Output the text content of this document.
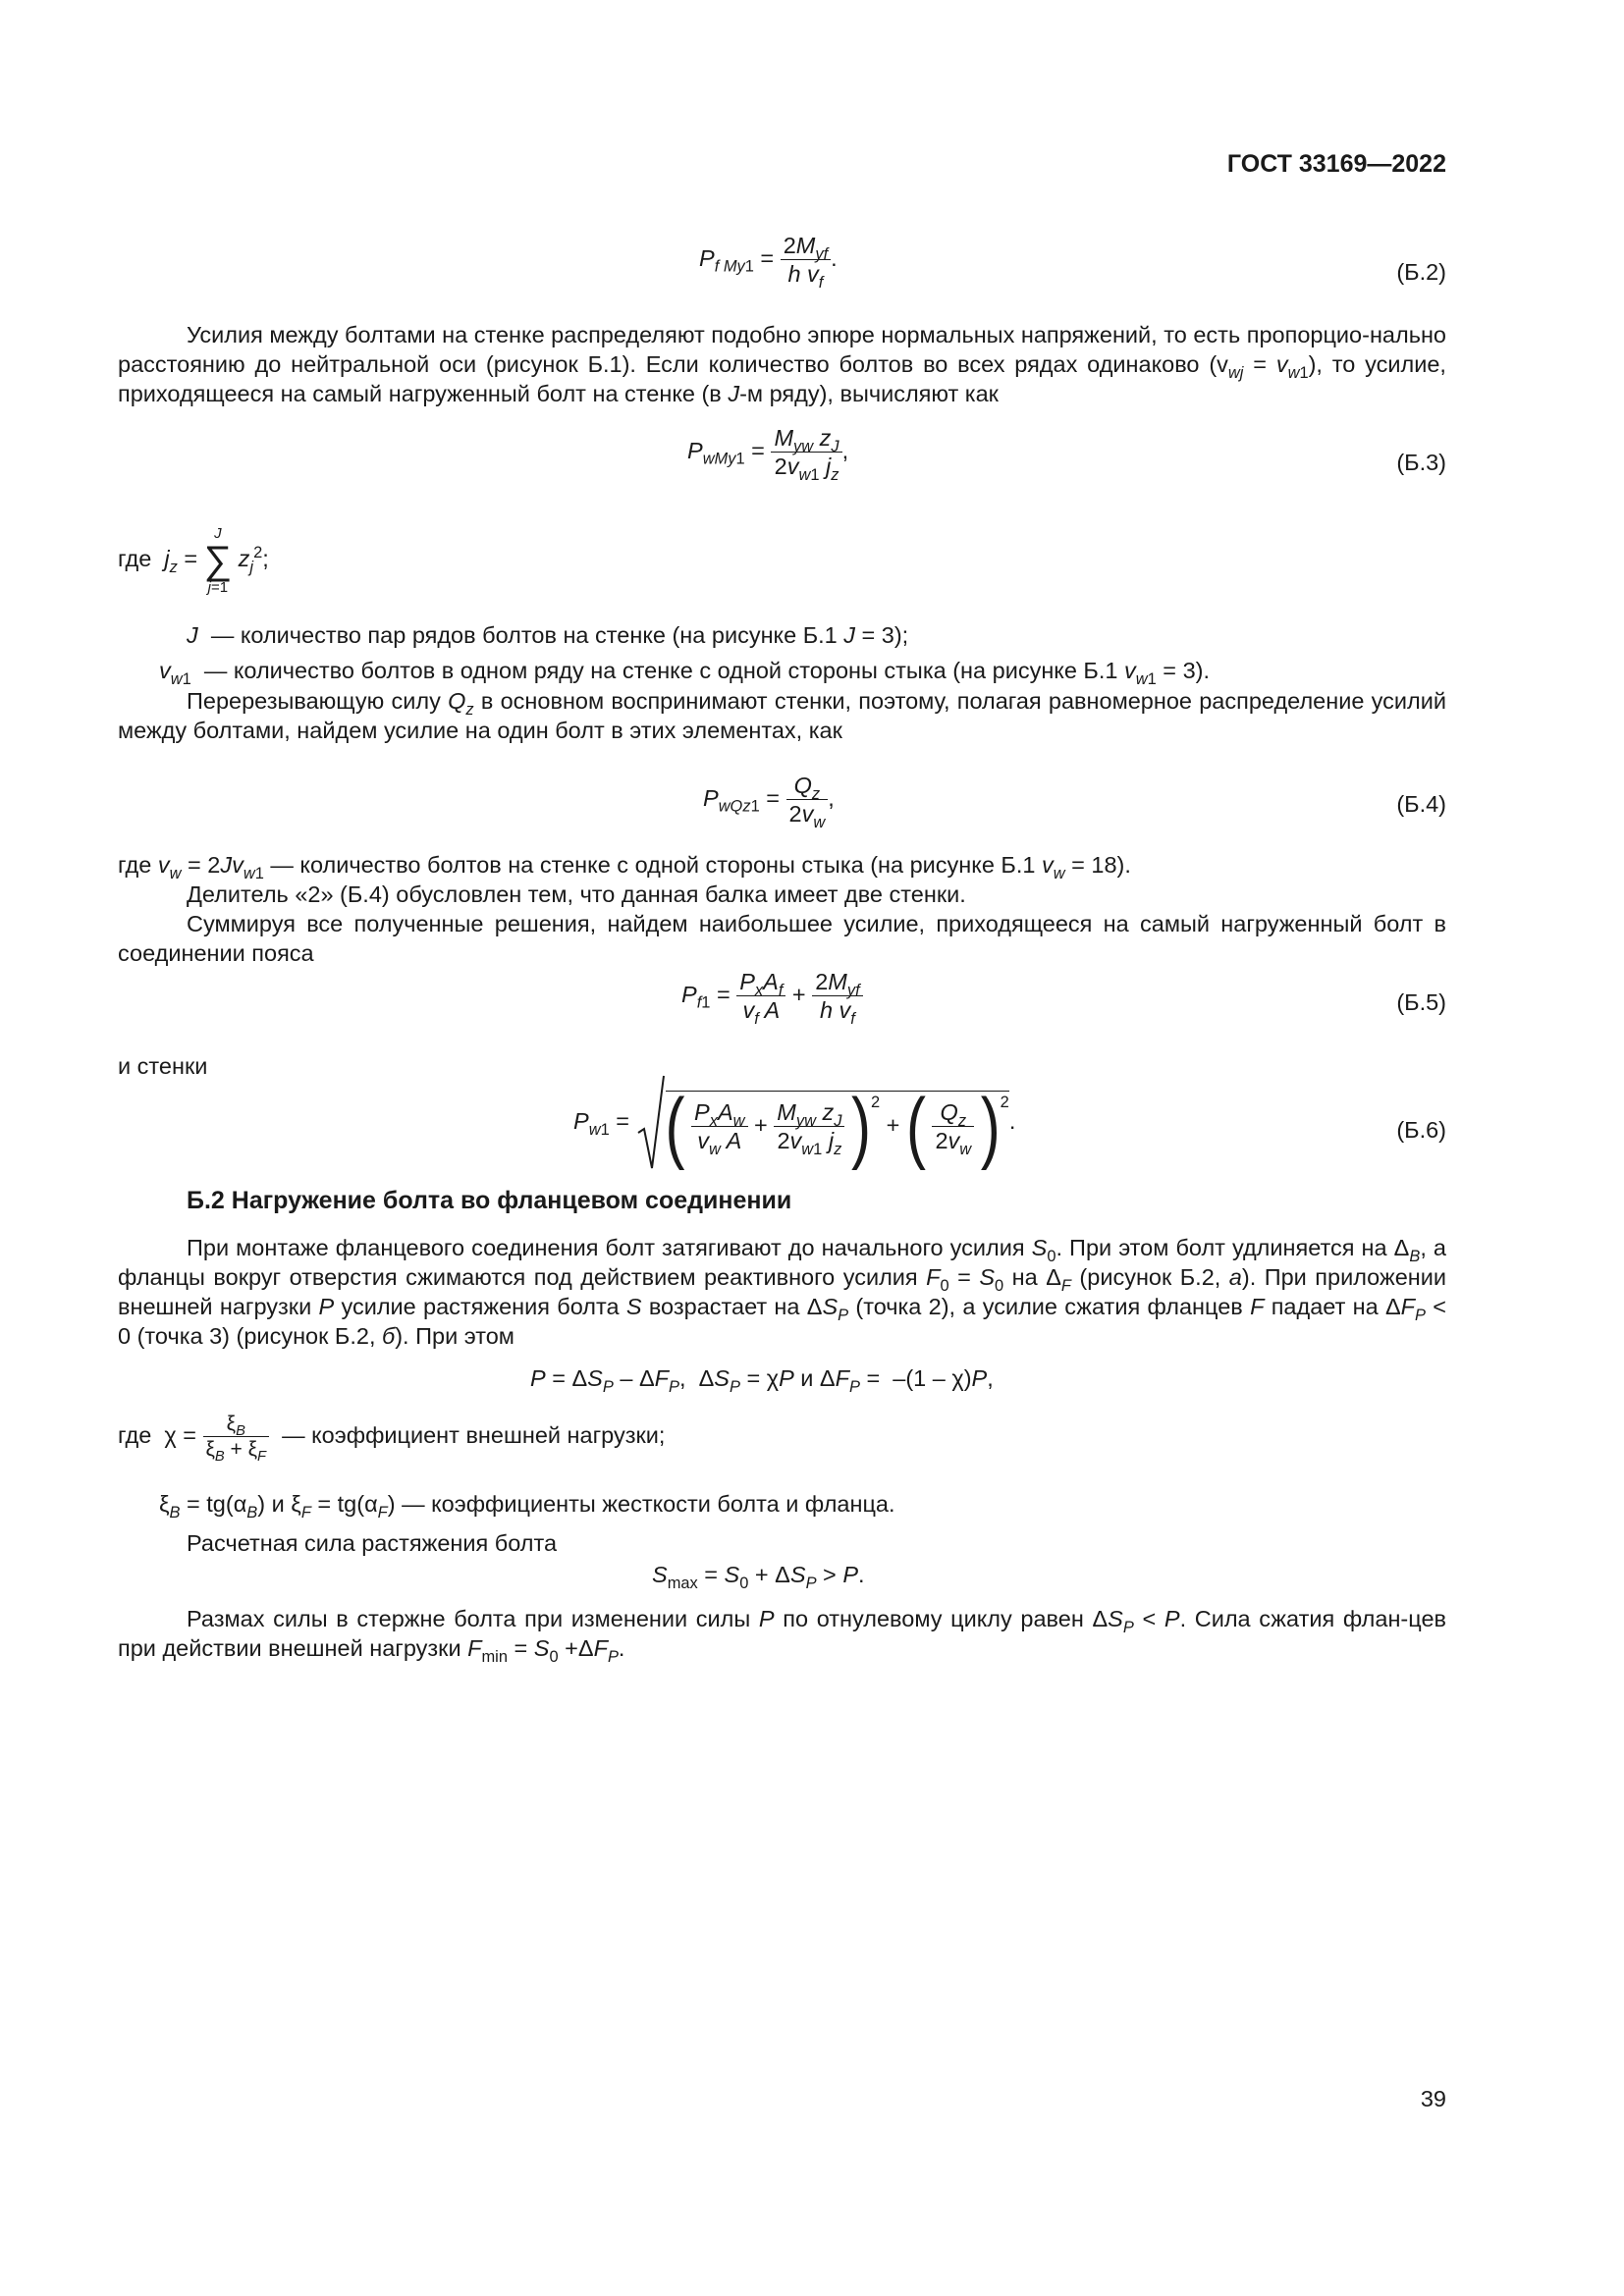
ГОСТ 33169—2022
$P_{f My1} = \frac{2M_{yf}}{h v_f}$ .
(Б.2)

Усилия между болтами на стенке распределяют подобно эпюре нормальных напряжений, то есть пропорцио-нально расстоянию до нейтральной оси (рисунок Б.1). Если количество болтов во всех рядах одинаково $(v_{wj} = v_{w1})$, то усилие, приходящееся на самый нагруженный болт на стенке (в J-м ряду), вычисляют как

$P_{wMy1} = \frac{M_{yw} z_J}{2v_{w1} j_z}$ ,	(Б.3)
где $j_z$ =
J
∑
j=1
$z_j^2$;
J — количество пар рядов болтов на стенке (на рисунке Б.1 J = 3);
$v_{w1}$ — количество болтов в одном ряду на стенке с одной стороны стыка (на рисунке Б.1 $v_{w1} = 3$).

Перерезывающую силу $Q_z$ в основном воспринимают стенки, поэтому, полагая равномерное распределение усилий между болтами, найдем усилие на один болт в этих элементах, как

$P_{wQz1} = \frac{Q_z}{2v_w}$ ,	(Б.4)

где $v_w = 2Jv_{w1}$ — количество болтов на стенке с одной стороны стыка (на рисунке Б.1 $v_w = 18$).

Делитель «2» (Б.4) обусловлен тем, что данная балка имеет две стенки.

Суммируя все полученные решения, найдем наибольшее усилие, приходящееся на самый нагруженный болт в соединении пояса

$P_{f1} = \frac{P_xA_f}{v_f A} + \frac{2M_{yf}}{h v_f}$	(Б.5)
и стенки
$P_{w1}$ = ( $\frac{P_xA_w}{v_w A} + \frac{M_{yw} z_J}{2v_{w1} j_z} )^2$ + ( $\frac{Q_z}{2v_w} )^2$.	(Б.6)
Б.2 Нагружение болта во фланцевом соединении

При монтаже фланцевого соединения болт затягивают до начального усилия $S_0$. При этом болт удлиняется на $\Delta_B$, а фланцы вокруг отверстия сжимаются под действием реактивного усилия $F_0 = S_0$ на $\Delta_F$ (рисунок Б.2, а). При приложении внешней нагрузки P усилие растяжения болта S возрастает на $\Delta S_P$ (точка 2), а усилие сжатия фланцев F падает на $\Delta F_P < 0$ (точка 3) (рисунок Б.2, б). При этом

$P = \Delta S_P - \Delta F_P$,  $\Delta S_P = \chi P$ и $\Delta F_P = -(1 - \chi)P$,
где  $\chi = \frac{\xi_B}{\xi_B + \xi_F}$ — коэффициент внешней нагрузки;
$\xi_B = tg(\alpha_B)$ и $\xi_F = tg(\alpha_F)$ — коэффициенты жесткости болта и фланца.
Расчетная сила растяжения болта
$S_{max} = S_0 + \Delta S_P > P$.

Размах силы в стержне болта при изменении силы P по отнулевому циклу равен $\Delta S_P < P$. Сила сжатия флан-цев при действии внешней нагрузки $F_{min} = S_0 +\Delta F_P$.

39
